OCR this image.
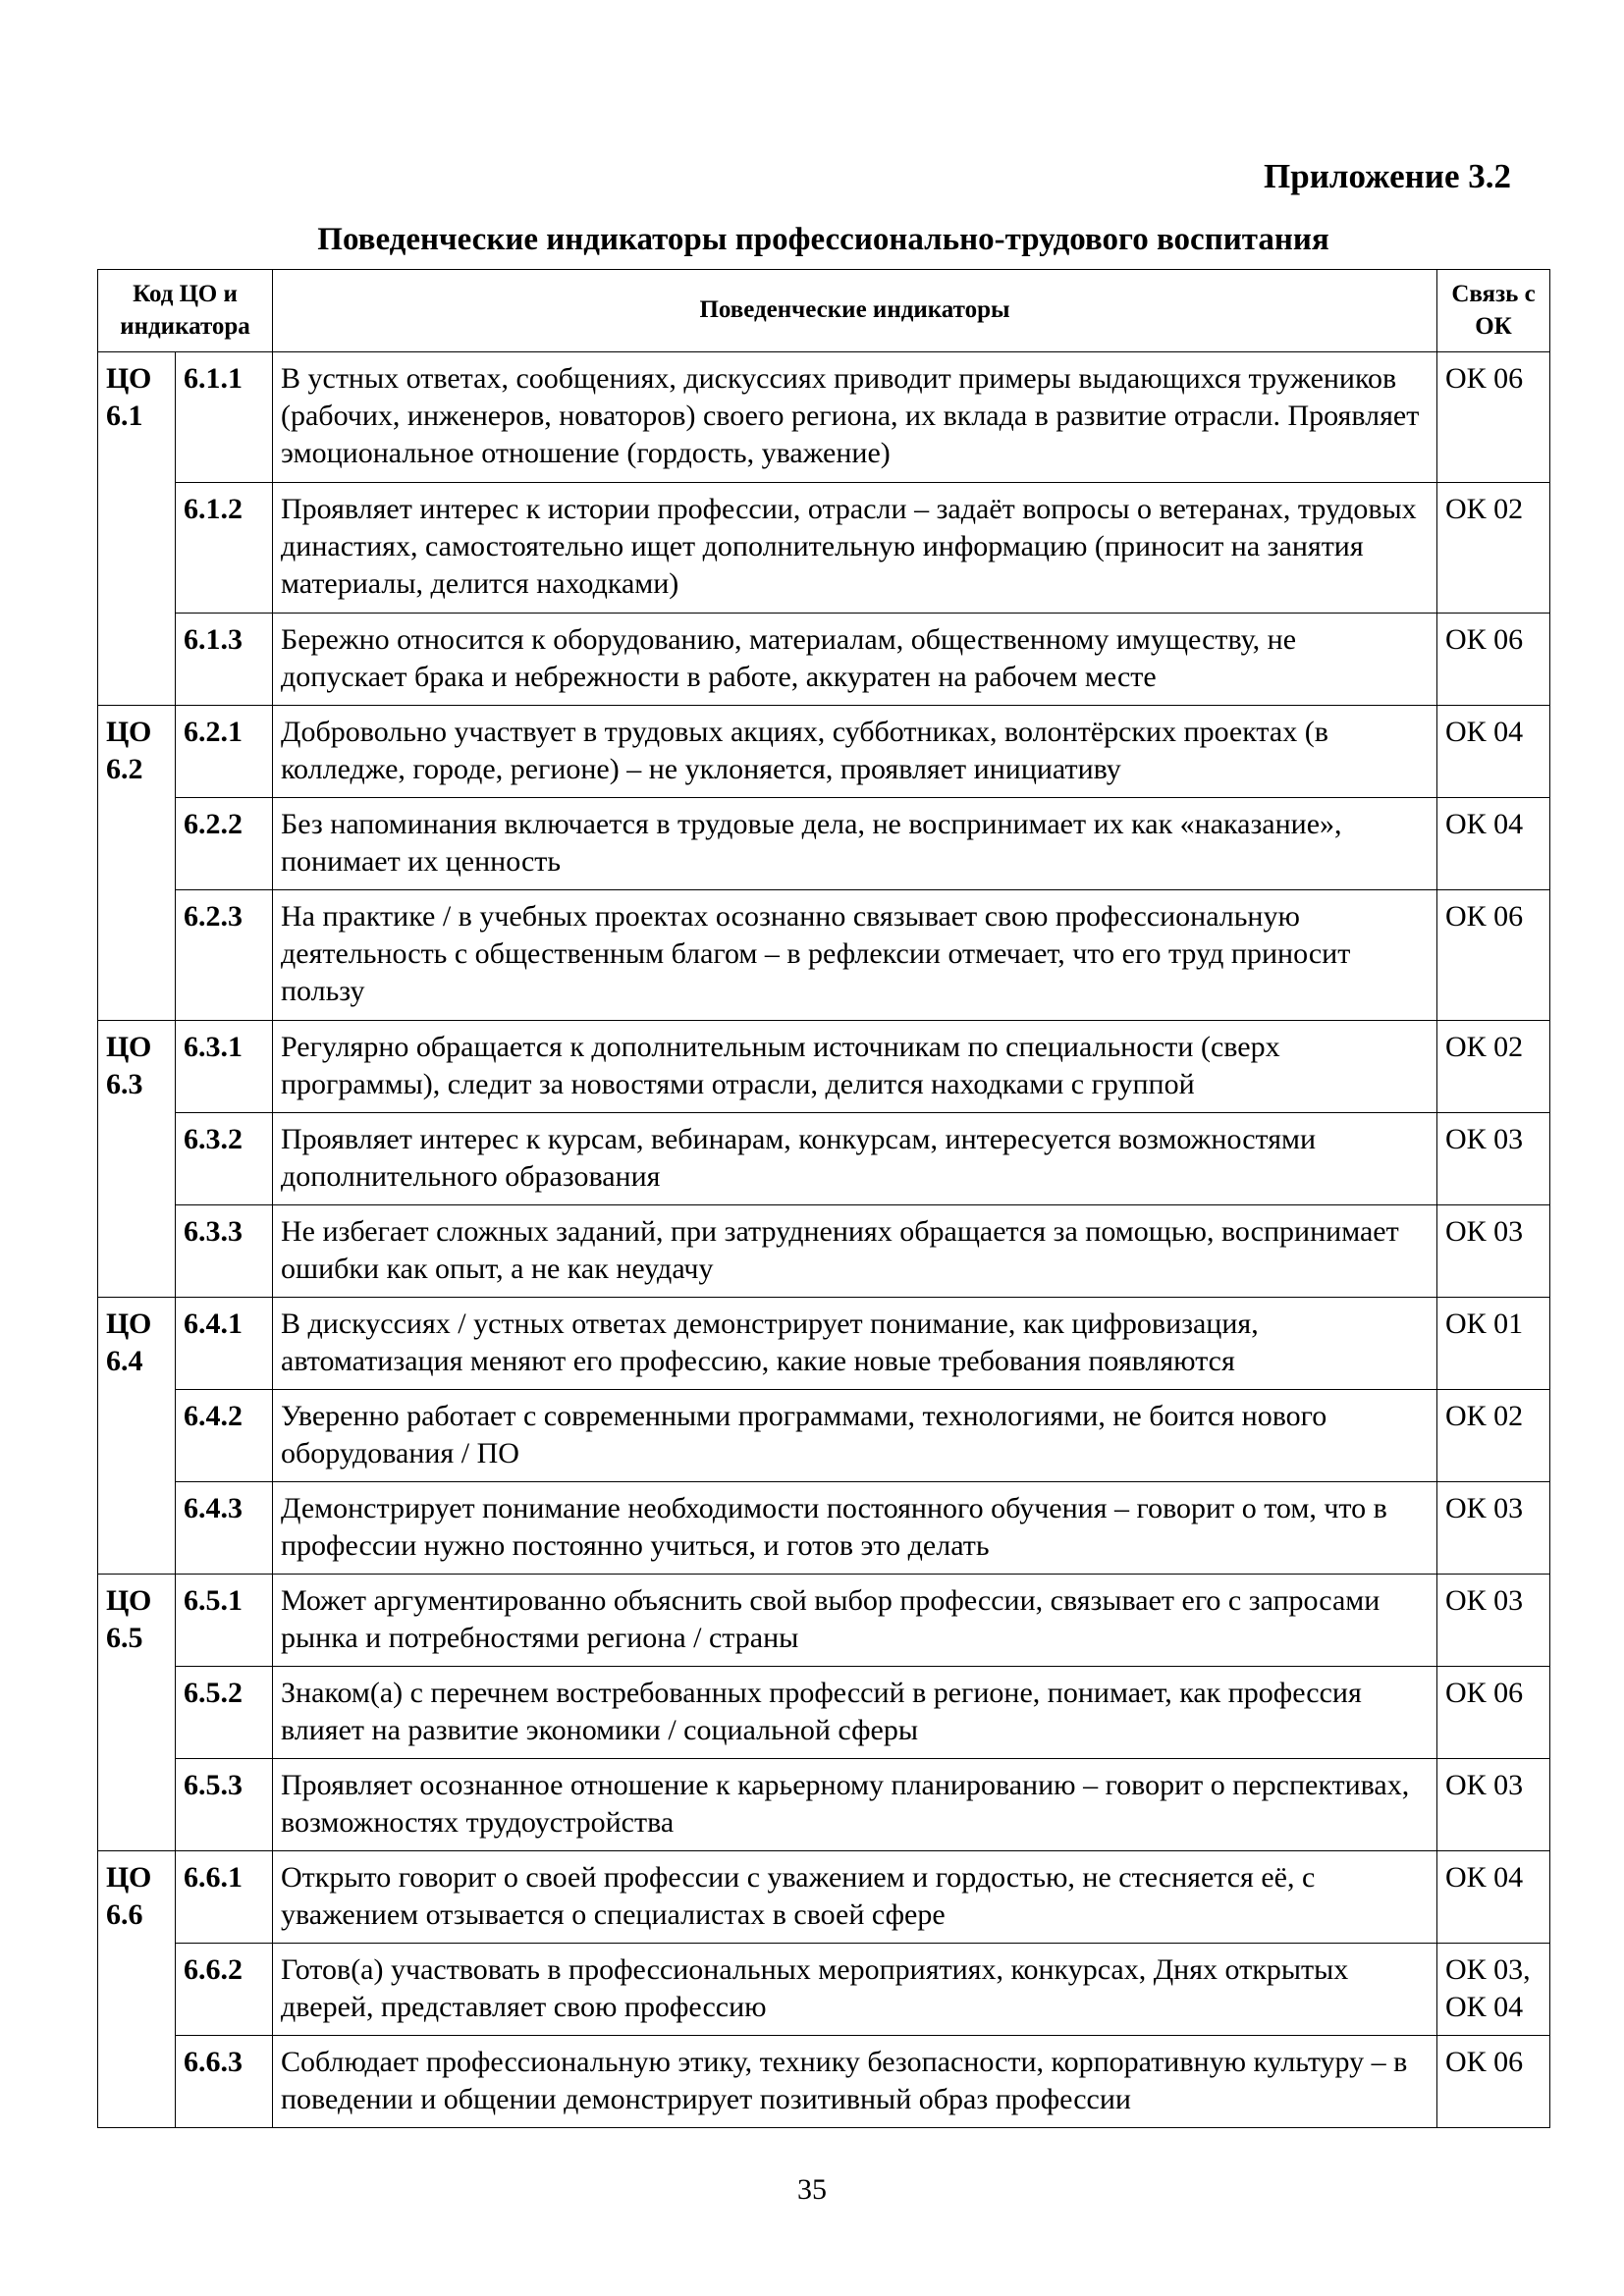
Приложение 3.2
Поведенческие индикаторы профессионально-трудового воспитания
Код ЦО и индикатора		Поведенческие индикаторы	Связь с ОК
ЦО 6.1	6.1.1	В устных ответах, сообщениях, дискуссиях приводит примеры выдающихся тружеников (рабочих, инженеров, новаторов) своего региона, их вклада в развитие отрасли. Проявляет эмоциональное отношение (гордость, уважение)	ОК 06
	6.1.2	Проявляет интерес к истории профессии, отрасли – задаёт вопросы о ветеранах, трудовых династиях, самостоятельно ищет дополнительную информацию (приносит на занятия материалы, делится находками)	ОК 02
	6.1.3	Бережно относится к оборудованию, материалам, общественному имуществу, не допускает брака и небрежности в работе, аккуратен на рабочем месте	ОК 06
ЦО 6.2	6.2.1	Добровольно участвует в трудовых акциях, субботниках, волонтёрских проектах (в колледже, городе, регионе) – не уклоняется, проявляет инициативу	ОК 04
	6.2.2	Без напоминания включается в трудовые дела, не воспринимает их как «наказание», понимает их ценность	ОК 04
	6.2.3	На практике / в учебных проектах осознанно связывает свою профессиональную деятельность с общественным благом – в рефлексии отмечает, что его труд приносит пользу	ОК 06
ЦО 6.3	6.3.1	Регулярно обращается к дополнительным источникам по специальности (сверх программы), следит за новостями отрасли, делится находками с группой	ОК 02
	6.3.2	Проявляет интерес к курсам, вебинарам, конкурсам, интересуется возможностями дополнительного образования	ОК 03
	6.3.3	Не избегает сложных заданий, при затруднениях обращается за помощью, воспринимает ошибки как опыт, а не как неудачу	ОК 03
ЦО 6.4	6.4.1	В дискуссиях / устных ответах демонстрирует понимание, как цифровизация, автоматизация меняют его профессию, какие новые требования появляются	ОК 01
	6.4.2	Уверенно работает с современными программами, технологиями, не боится нового оборудования / ПО	ОК 02
	6.4.3	Демонстрирует понимание необходимости постоянного обучения – говорит о том, что в профессии нужно постоянно учиться, и готов это делать	ОК 03
ЦО 6.5	6.5.1	Может аргументированно объяснить свой выбор профессии, связывает его с запросами рынка и потребностями региона / страны	ОК 03
	6.5.2	Знаком(а) с перечнем востребованных профессий в регионе, понимает, как профессия влияет на развитие экономики / социальной сферы	ОК 06
	6.5.3	Проявляет осознанное отношение к карьерному планированию – говорит о перспективах, возможностях трудоустройства	ОК 03
ЦО 6.6	6.6.1	Открыто говорит о своей профессии с уважением и гордостью, не стесняется её, с уважением отзывается о специалистах в своей сфере	ОК 04
	6.6.2	Готов(а) участвовать в профессиональных мероприятиях, конкурсах, Днях открытых дверей, представляет свою профессию	ОК 03, ОК 04
	6.6.3	Соблюдает профессиональную этику, технику безопасности, корпоративную культуру – в поведении и общении демонстрирует позитивный образ профессии	ОК 06
35
